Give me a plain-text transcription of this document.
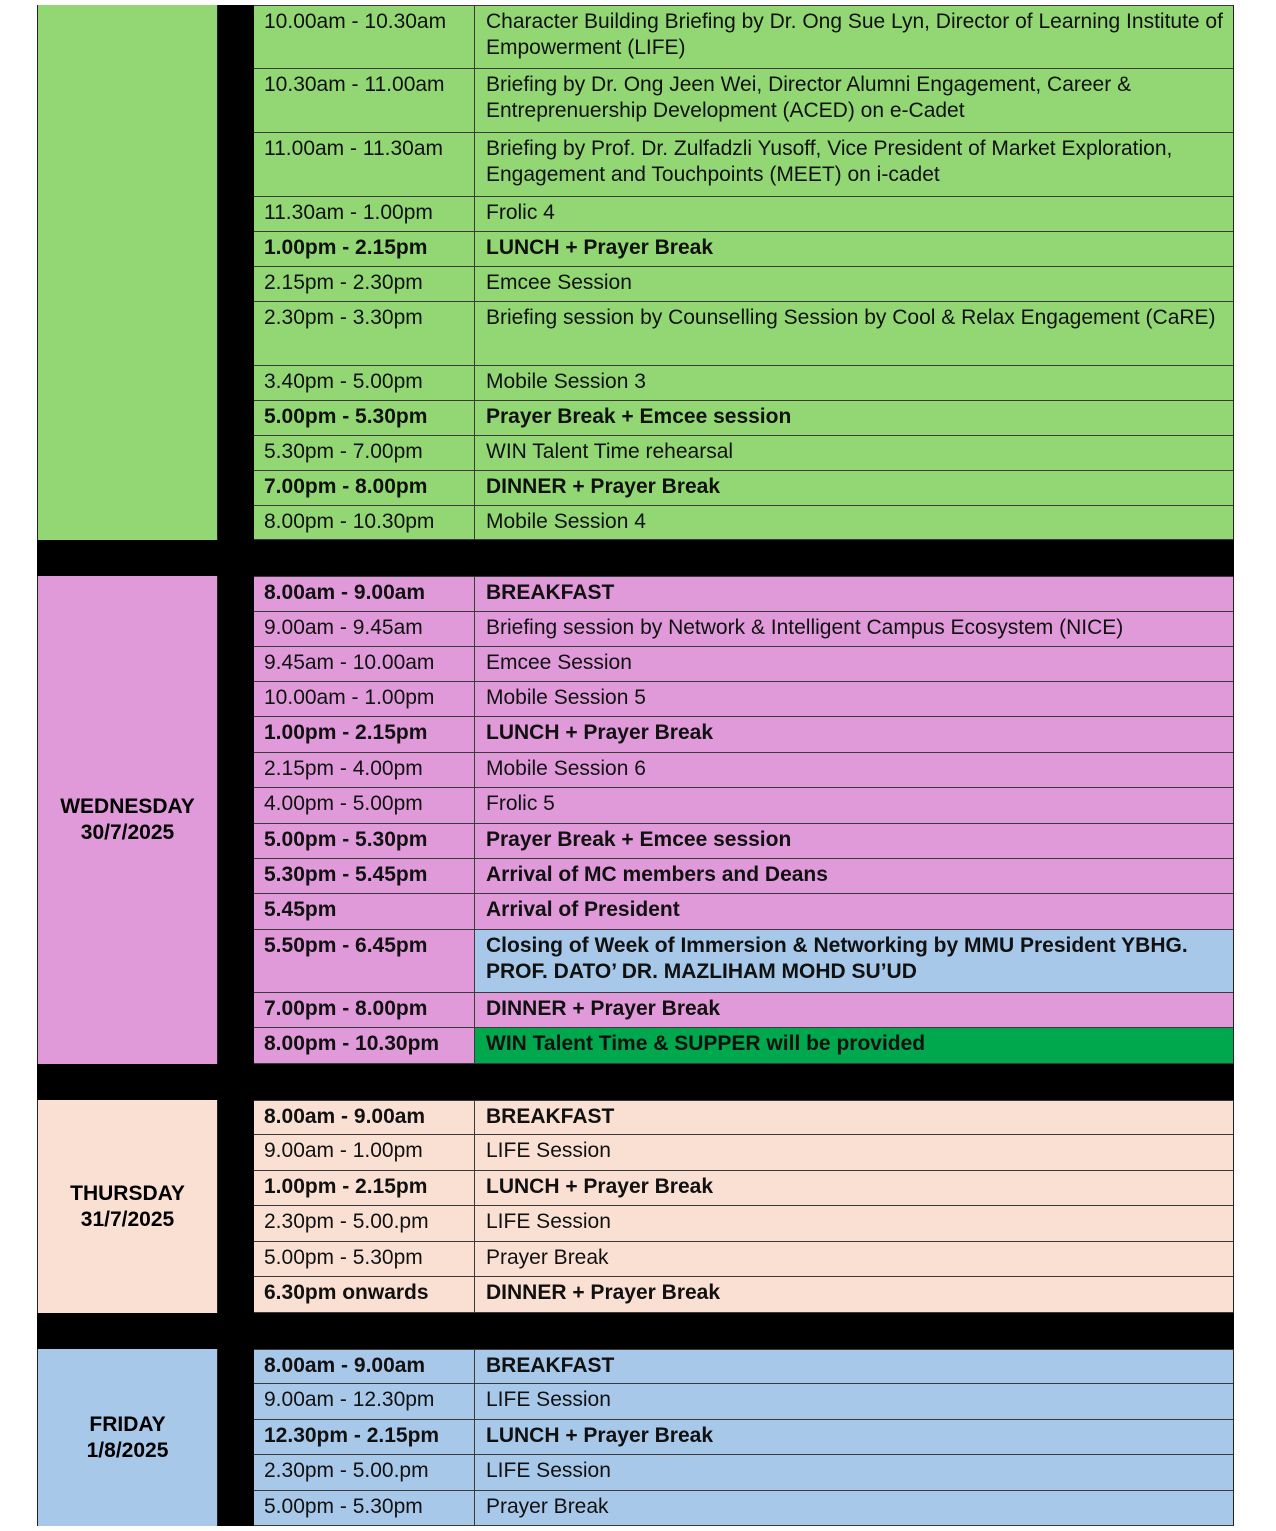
10.00am - 10.30am	Character Building Briefing by Dr. Ong Sue Lyn, Director of Learning Institute of Empowerment (LIFE)
10.30am - 11.00am	Briefing by Dr. Ong Jeen Wei, Director Alumni Engagement, Career & Entreprenuership Development (ACED) on e-Cadet
11.00am - 11.30am	Briefing by Prof. Dr. Zulfadzli Yusoff, Vice President of Market Exploration, Engagement and Touchpoints (MEET) on i-cadet
11.30am - 1.00pm	Frolic 4
1.00pm - 2.15pm	LUNCH + Prayer Break
2.15pm - 2.30pm	Emcee Session
2.30pm - 3.30pm	Briefing session by Counselling Session by Cool & Relax Engagement (CaRE)
3.40pm - 5.00pm	Mobile Session 3
5.00pm - 5.30pm	Prayer Break + Emcee session
5.30pm - 7.00pm	WIN Talent Time rehearsal
7.00pm - 8.00pm	DINNER + Prayer Break
8.00pm - 10.30pm	Mobile Session 4
WEDNESDAY
30/7/2025
8.00am - 9.00am	BREAKFAST
9.00am - 9.45am	Briefing session by Network & Intelligent Campus Ecosystem (NICE)
9.45am - 10.00am	Emcee Session
10.00am - 1.00pm	Mobile Session 5
1.00pm - 2.15pm	LUNCH + Prayer Break
2.15pm - 4.00pm	Mobile Session 6
4.00pm - 5.00pm	Frolic 5
5.00pm - 5.30pm	Prayer Break + Emcee session
5.30pm - 5.45pm	Arrival of MC members and Deans
5.45pm	Arrival of President
5.50pm - 6.45pm	Closing of Week of Immersion & Networking by MMU President YBHG. PROF. DATO’ DR. MAZLIHAM MOHD SU’UD
7.00pm - 8.00pm	DINNER + Prayer Break
8.00pm - 10.30pm	WIN Talent Time & SUPPER will be provided
THURSDAY
31/7/2025
8.00am - 9.00am	BREAKFAST
9.00am - 1.00pm	LIFE Session
1.00pm - 2.15pm	LUNCH + Prayer Break
2.30pm - 5.00.pm	LIFE Session
5.00pm - 5.30pm	Prayer Break
6.30pm onwards	DINNER + Prayer Break
FRIDAY
1/8/2025
8.00am - 9.00am	BREAKFAST
9.00am - 12.30pm	LIFE Session
12.30pm - 2.15pm	LUNCH + Prayer Break
2.30pm - 5.00.pm	LIFE Session
5.00pm - 5.30pm	Prayer Break
